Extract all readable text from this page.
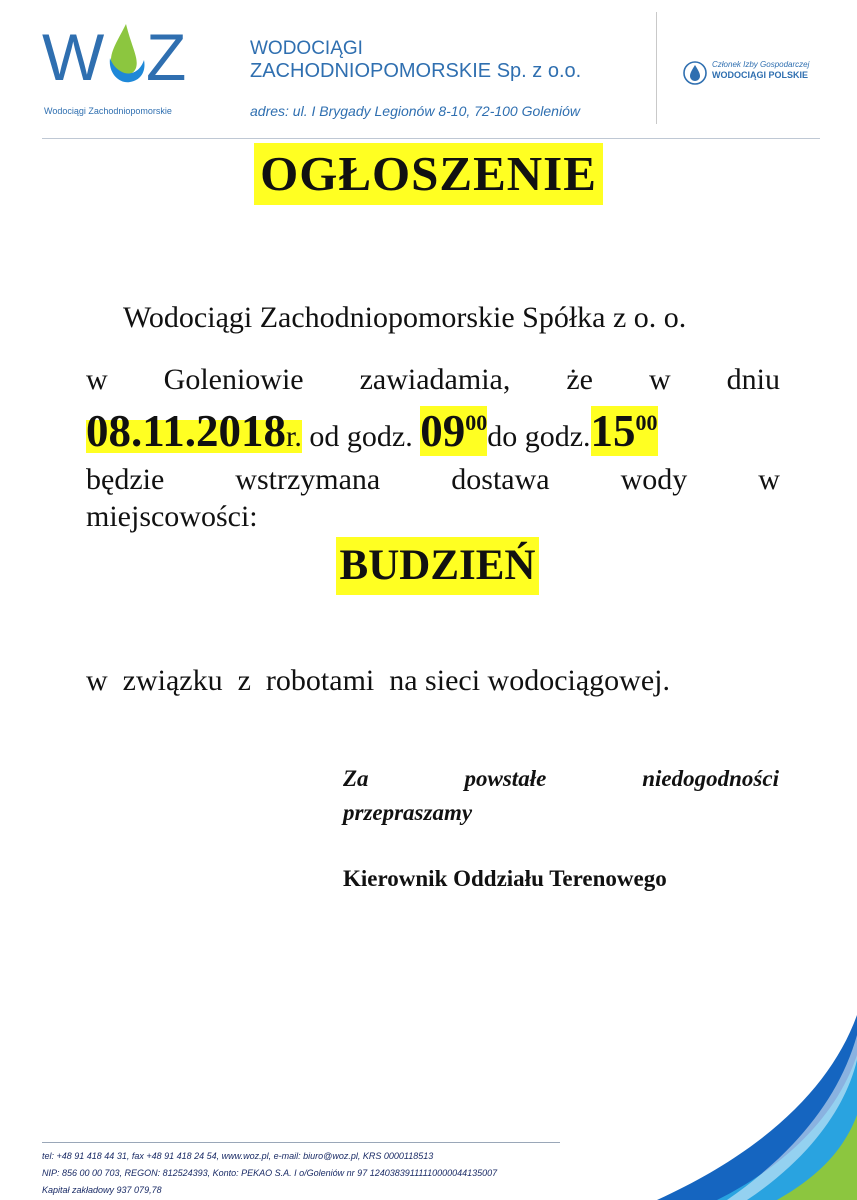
W Z
Wodociągi Zachodniopomorskie
WODOCIĄGI
ZACHODNIOPOMORSKIE Sp. z o.o.
adres: ul. I Brygady Legionów 8-10, 72-100 Goleniów
Członek Izby Gospodarczej
WODOCIĄGI POLSKIE
OGŁOSZENIE
Wodociągi Zachodniopomorskie Spółka z o. o.
w Goleniowie zawiadamia, że w dniu
08.11.2018r. od godz. $09^{00}do$ $godz.15^{00}$
będzie wstrzymana dostawa wody w
miejscowości:
BUDZIEŃ
w  związku  z  robotami  na sieci wodociągowej.
Za	powstałe	niedogodności
przepraszamy
Kierownik Oddziału Terenowego
tel: +48 91 418 44 31, fax +48 91 418 24 54, www.woz.pl, e-mail: biuro@woz.pl, KRS 0000118513
NIP: 856 00 00 703, REGON: 812524393, Konto: PEKAO S.A. I o/Goleniów nr 97 12403839111110000044135007
Kapitał zakładowy 937 079,78
